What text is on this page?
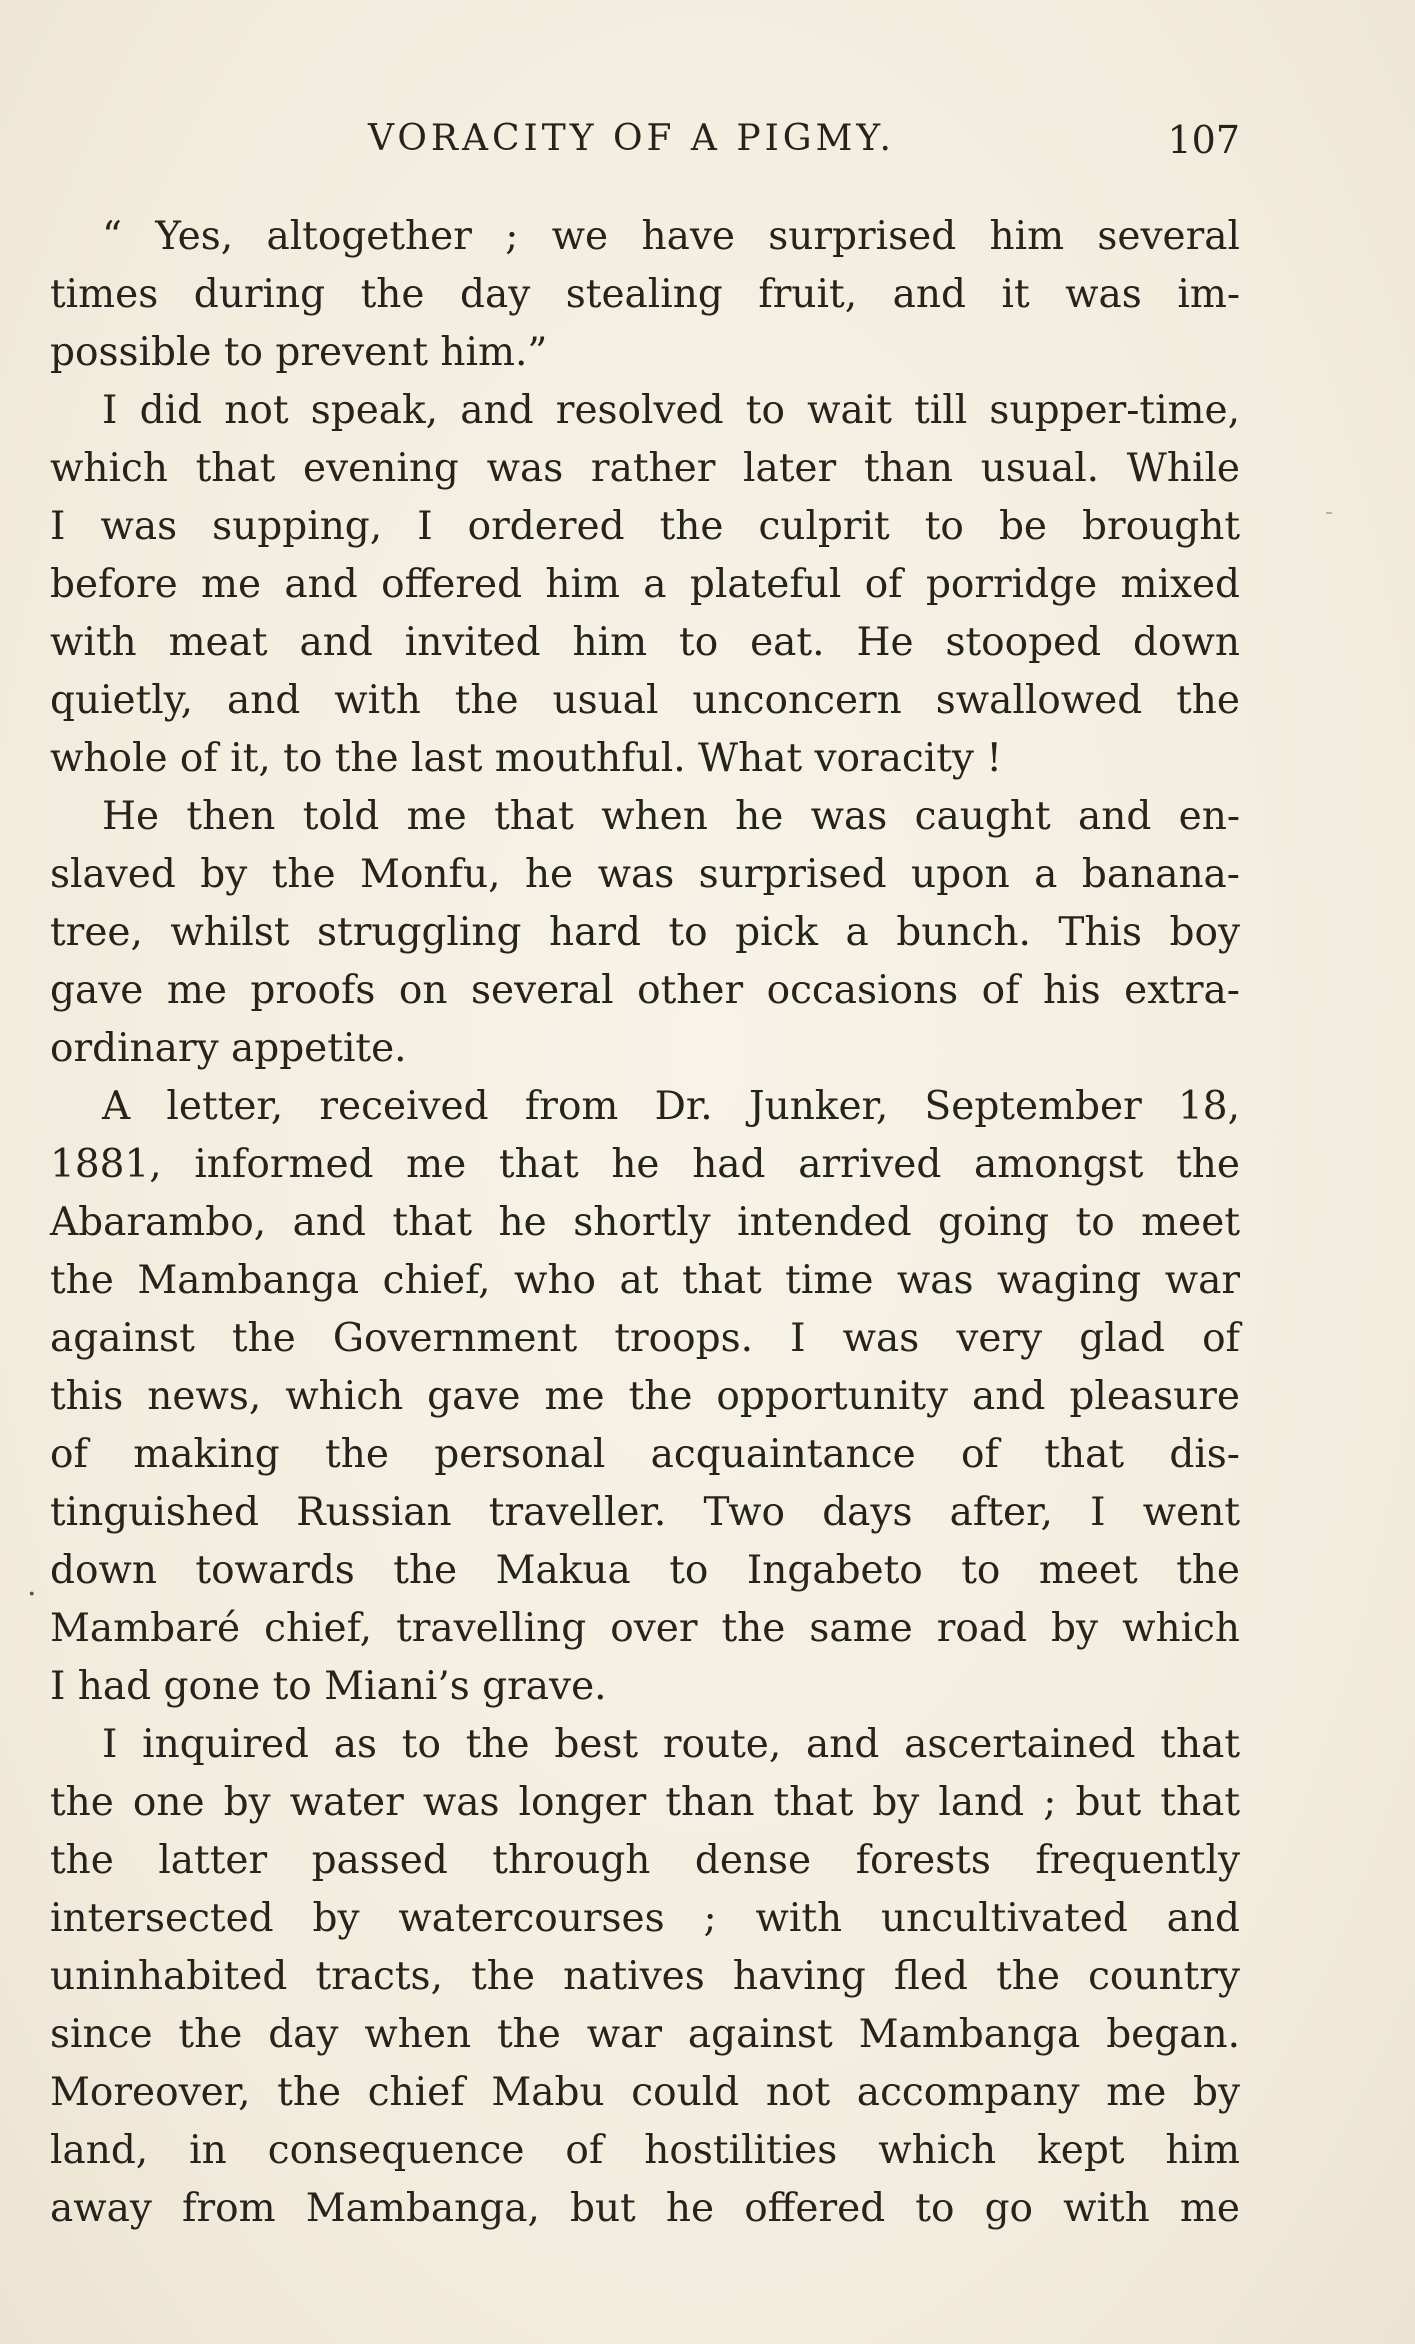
VORACITY OF A PIGMY.	107
“ Yes, altogether ; we have surprised him several
times during the day stealing fruit, and it was im-
possible to prevent him.”
I did not speak, and resolved to wait till supper-time,
which that evening was rather later than usual. While
I was supping, I ordered the culprit to be brought
before me and offered him a plateful of porridge mixed
with meat and invited him to eat. He stooped down
quietly, and with the usual unconcern swallowed the
whole of it, to the last mouthful. What voracity !
He then told me that when he was caught and en-
slaved by the Monfu, he was surprised upon a banana-
tree, whilst struggling hard to pick a bunch. This boy
gave me proofs on several other occasions of his extra-
ordinary appetite.
A letter, received from Dr. Junker, September 18,
1881, informed me that he had arrived amongst the
Abarambo, and that he shortly intended going to meet
the Mambanga chief, who at that time was waging war
against the Government troops. I was very glad of
this news, which gave me the opportunity and pleasure
of making the personal acquaintance of that dis-
tinguished Russian traveller. Two days after, I went
down towards the Makua to Ingabeto to meet the
Mambaré chief, travelling over the same road by which
I had gone to Miani’s grave.
I inquired as to the best route, and ascertained that
the one by water was longer than that by land ; but that
the latter passed through dense forests frequently
intersected by watercourses ; with uncultivated and
uninhabited tracts, the natives having fled the country
since the day when the war against Mambanga began.
Moreover, the chief Mabu could not accompany me by
land, in consequence of hostilities which kept him
away from Mambanga, but he offered to go with me
.
